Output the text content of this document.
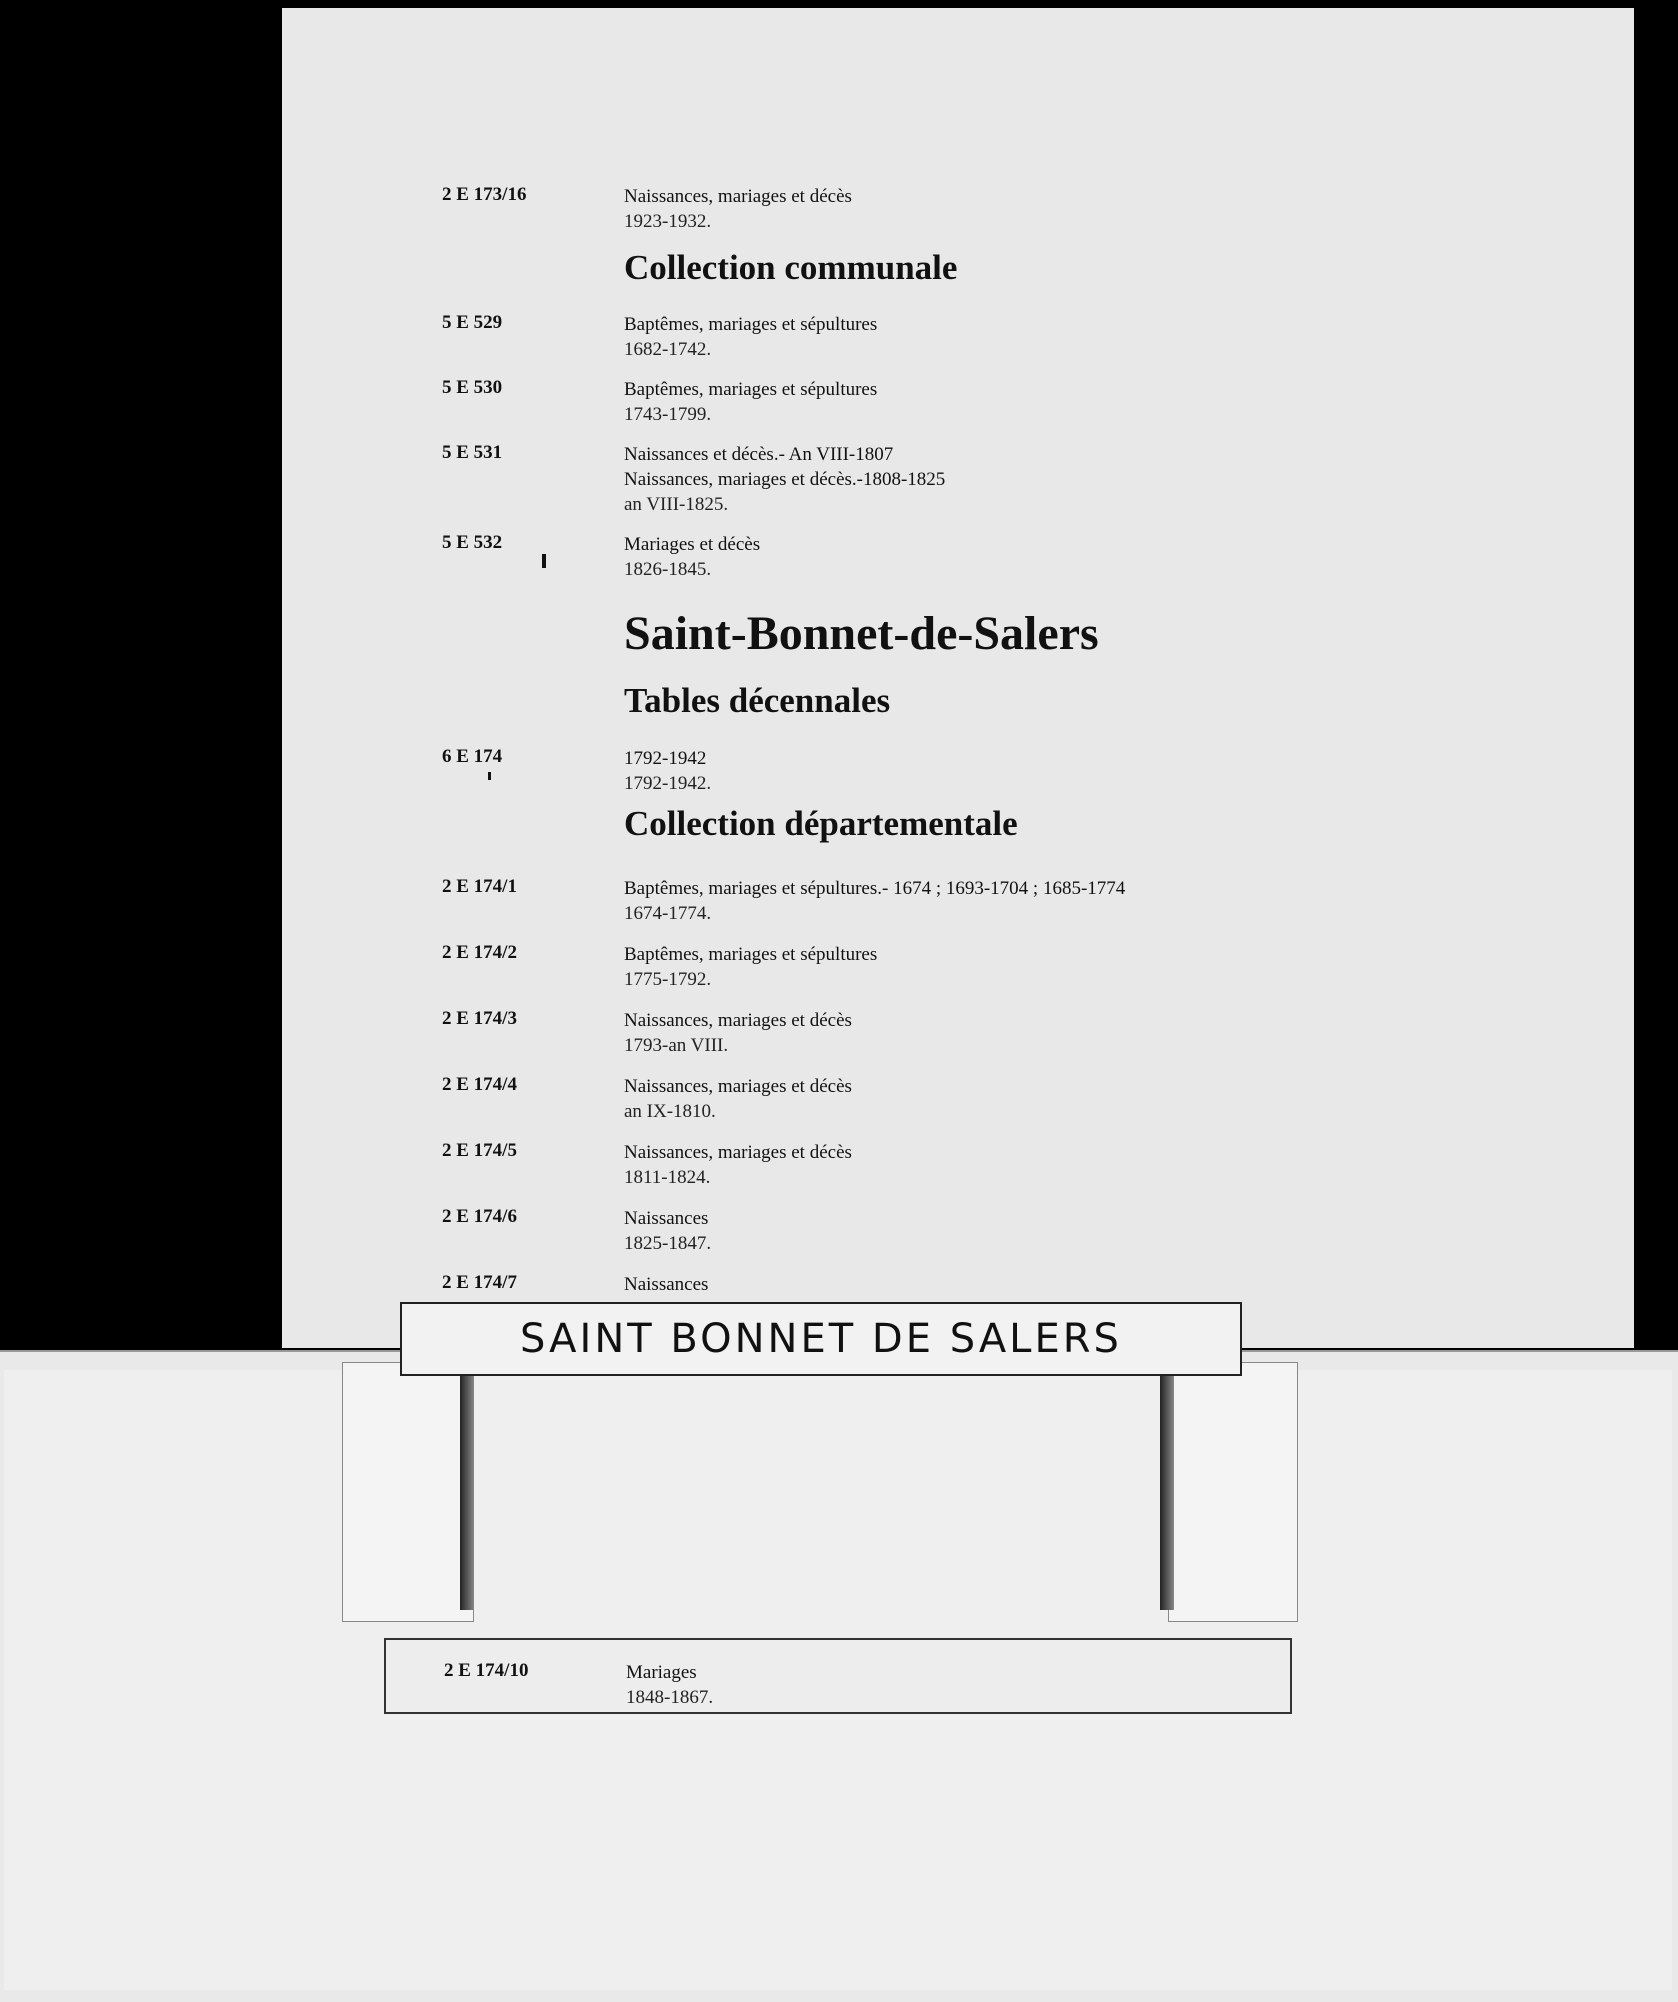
2 E 173/16	Naissances, mariages et décès
1923-1932.
Collection communale
5 E 529	Baptêmes, mariages et sépultures
1682-1742.
5 E 530	Baptêmes, mariages et sépultures
1743-1799.
5 E 531	Naissances et décès.- An VIII-1807
Naissances, mariages et décès.-1808-1825
an VIII-1825.
5 E 532	Mariages et décès
1826-1845.
Saint-Bonnet-de-Salers
Tables décennales
6 E 174	1792-1942
1792-1942.
Collection départementale
2 E 174/1	Baptêmes, mariages et sépultures.- 1674 ; 1693-1704 ; 1685-1774
1674-1774.
2 E 174/2	Baptêmes, mariages et sépultures
1775-1792.
2 E 174/3	Naissances, mariages et décès
1793-an VIII.
2 E 174/4	Naissances, mariages et décès
an IX-1810.
2 E 174/5	Naissances, mariages et décès
1811-1824.
2 E 174/6	Naissances
1825-1847.
2 E 174/7	Naissances
SAINT BONNET DE SALERS
2 E 174/10	Mariages
1848-1867.
